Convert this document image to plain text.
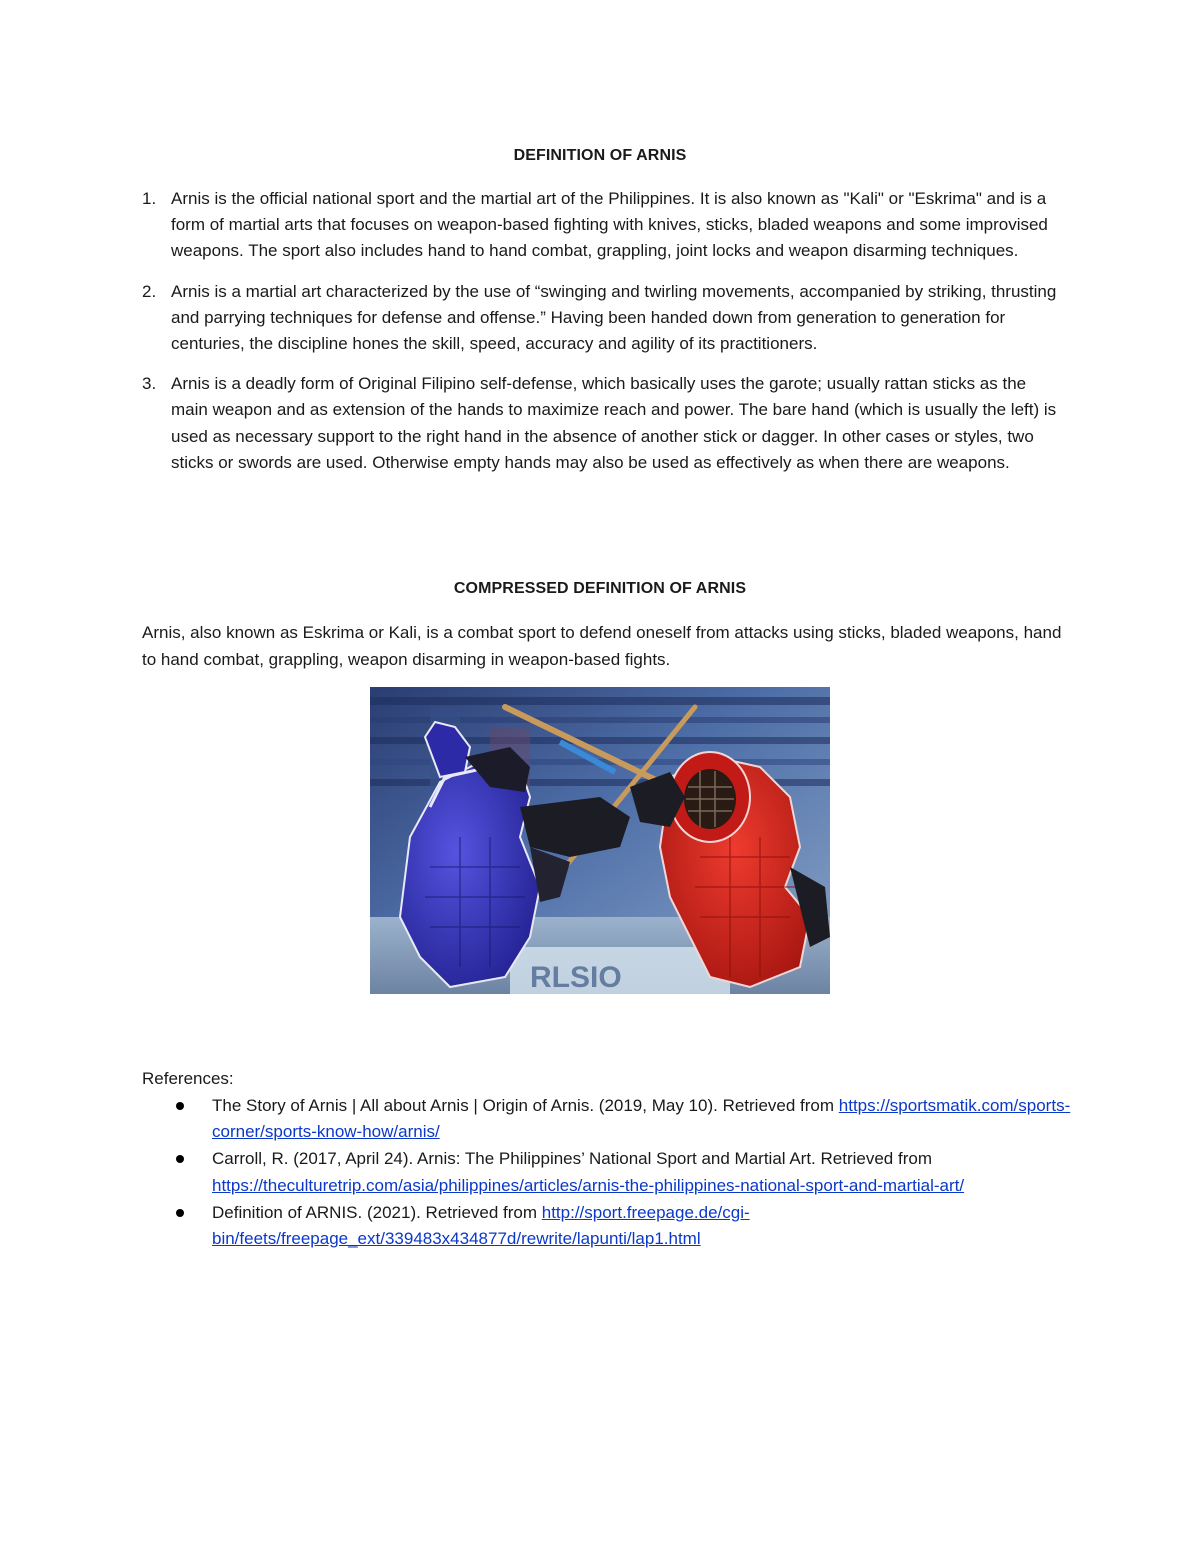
DEFINITION OF ARNIS
1. Arnis is the official national sport and the martial art of the Philippines. It is also known as "Kali" or "Eskrima" and is a form of martial arts that focuses on weapon-based fighting with knives, sticks, bladed weapons and some improvised weapons. The sport also includes hand to hand combat, grappling, joint locks and weapon disarming techniques.
2. Arnis is a martial art characterized by the use of “swinging and twirling movements, accompanied by striking, thrusting and parrying techniques for defense and offense.” Having been handed down from generation to generation for centuries, the discipline hones the skill, speed, accuracy and agility of its practitioners.
3. Arnis is a deadly form of Original Filipino self-defense, which basically uses the garote; usually rattan sticks as the main weapon and as extension of the hands to maximize reach and power. The bare hand (which is usually the left) is used as necessary support to the right hand in the absence of another stick or dagger. In other cases or styles, two sticks or swords are used. Otherwise empty hands may also be used as effectively as when there are weapons.
COMPRESSED DEFINITION OF ARNIS

Arnis, also known as Eskrima or Kali, is a combat sport to defend oneself from attacks using sticks, bladed weapons, hand to hand combat, grappling, weapon disarming in weapon-based fights.

RLSIO
References:
The Story of Arnis | All about Arnis | Origin of Arnis. (2019, May 10). Retrieved from https://sportsmatik.com/sports-corner/sports-know-how/arnis/
Carroll, R. (2017, April 24). Arnis: The Philippines’ National Sport and Martial Art. Retrieved from https://theculturetrip.com/asia/philippines/articles/arnis-the-philippines-national-sport-and-martial-art/
Definition of ARNIS. (2021). Retrieved from http://sport.freepage.de/cgi-bin/feets/freepage_ext/339483x434877d/rewrite/lapunti/lap1.html
